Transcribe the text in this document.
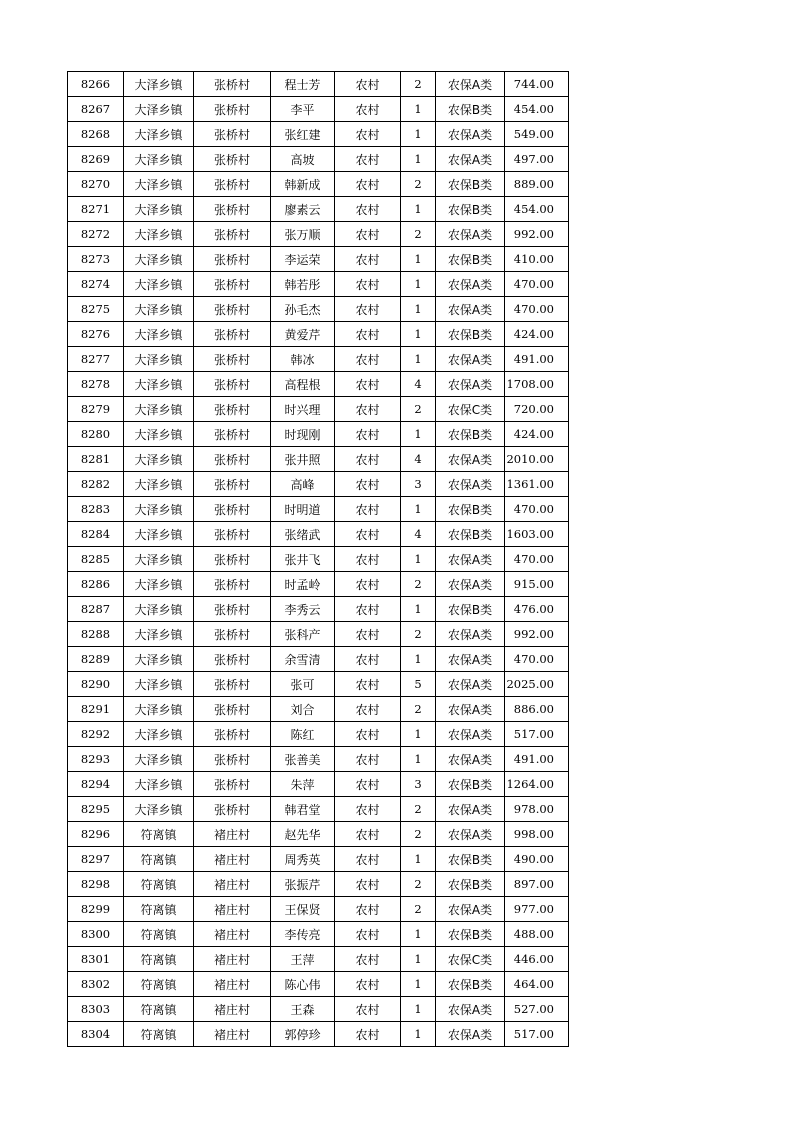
8266	大泽乡镇	张桥村	程士芳	农村	2	农保A类	744.00
8267	大泽乡镇	张桥村	李平	农村	1	农保B类	454.00
8268	大泽乡镇	张桥村	张红建	农村	1	农保A类	549.00
8269	大泽乡镇	张桥村	高坡	农村	1	农保A类	497.00
8270	大泽乡镇	张桥村	韩新成	农村	2	农保B类	889.00
8271	大泽乡镇	张桥村	廖素云	农村	1	农保B类	454.00
8272	大泽乡镇	张桥村	张万顺	农村	2	农保A类	992.00
8273	大泽乡镇	张桥村	李运荣	农村	1	农保B类	410.00
8274	大泽乡镇	张桥村	韩若彤	农村	1	农保A类	470.00
8275	大泽乡镇	张桥村	孙毛杰	农村	1	农保A类	470.00
8276	大泽乡镇	张桥村	黄爱芹	农村	1	农保B类	424.00
8277	大泽乡镇	张桥村	韩冰	农村	1	农保A类	491.00
8278	大泽乡镇	张桥村	高程根	农村	4	农保A类	1708.00
8279	大泽乡镇	张桥村	时兴理	农村	2	农保C类	720.00
8280	大泽乡镇	张桥村	时现刚	农村	1	农保B类	424.00
8281	大泽乡镇	张桥村	张井照	农村	4	农保A类	2010.00
8282	大泽乡镇	张桥村	高峰	农村	3	农保A类	1361.00
8283	大泽乡镇	张桥村	时明道	农村	1	农保B类	470.00
8284	大泽乡镇	张桥村	张绪武	农村	4	农保B类	1603.00
8285	大泽乡镇	张桥村	张井飞	农村	1	农保A类	470.00
8286	大泽乡镇	张桥村	时孟岭	农村	2	农保A类	915.00
8287	大泽乡镇	张桥村	李秀云	农村	1	农保B类	476.00
8288	大泽乡镇	张桥村	张科产	农村	2	农保A类	992.00
8289	大泽乡镇	张桥村	余雪清	农村	1	农保A类	470.00
8290	大泽乡镇	张桥村	张可	农村	5	农保A类	2025.00
8291	大泽乡镇	张桥村	刘合	农村	2	农保A类	886.00
8292	大泽乡镇	张桥村	陈红	农村	1	农保A类	517.00
8293	大泽乡镇	张桥村	张善美	农村	1	农保A类	491.00
8294	大泽乡镇	张桥村	朱萍	农村	3	农保B类	1264.00
8295	大泽乡镇	张桥村	韩君堂	农村	2	农保A类	978.00
8296	符离镇	褚庄村	赵先华	农村	2	农保A类	998.00
8297	符离镇	褚庄村	周秀英	农村	1	农保B类	490.00
8298	符离镇	褚庄村	张振芹	农村	2	农保B类	897.00
8299	符离镇	褚庄村	王保贤	农村	2	农保A类	977.00
8300	符离镇	褚庄村	李传亮	农村	1	农保B类	488.00
8301	符离镇	褚庄村	王萍	农村	1	农保C类	446.00
8302	符离镇	褚庄村	陈心伟	农村	1	农保B类	464.00
8303	符离镇	褚庄村	王森	农村	1	农保A类	527.00
8304	符离镇	褚庄村	郭停珍	农村	1	农保A类	517.00
